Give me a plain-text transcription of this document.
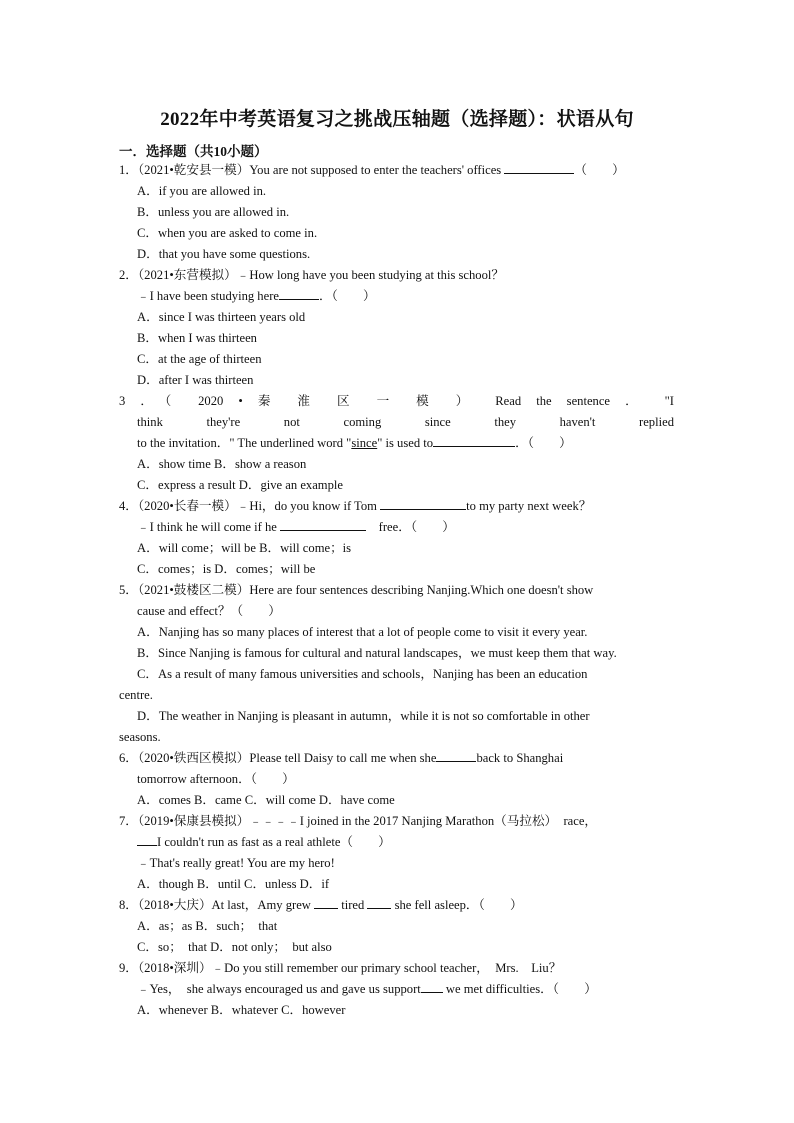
2022年中考英语复习之挑战压轴题（选择题）：状语从句
一．选择题（共10小题）
1．（2021•乾安县一模）You are not supposed to enter the teachers' offices	（　　）
A．if you are allowed in.
B．unless you are allowed in.
C．when you are asked to come in.
D．that you have some questions.
2．（2021•东营模拟）﹣How long have you been studying at this school？
﹣I have been studying here	．（　　）
A．since I was thirteen years old
B．when I was thirteen
C．at the age of thirteen
D．after I was thirteen
3 ．（ 2020 • 秦 淮 区 一 模 ） Read the sentence ． "I
think they're not coming since they haven't replied
to the invitation．" The underlined word "since" is used to	．（　　）
A．show time B．show a reason
C．express a result D．give an example
4．（2020•长春一模）﹣Hi，do you know if Tom	to my party next week？
﹣I think he will come if he	free．（　　）
A．will come；will be B．will come；is
C．comes；is D．comes；will be
5．（2021•鼓楼区二模）Here are four sentences describing Nanjing.Which one doesn't show
cause and effect？（　　）
A．Nanjing has so many places of interest that a lot of people come to visit it every year.
B．Since Nanjing is famous for cultural and natural landscapes，we must keep them that way.
C．As a result of many famous universities and schools，Nanjing has been an education
centre.
D．The weather in Nanjing is pleasant in autumn，while it is not so comfortable in other
seasons.
6．（2020•铁西区模拟）Please tell Daisy to call me when she	back to Shanghai
tomorrow afternoon．（　　）
A．comes B．came C．will come D．have come
7．（2019•保康县模拟）﹣﹣﹣﹣I joined in the 2017 Nanjing Marathon（马拉松）　race，
I couldn't run as fast as a real athlete（　　）
﹣That's really great! You are my hero!
A．though B．until C．unless D．if
8．（2018•大庆）At last，Amy grew  tired  she fell asleep．（　　）
A．as；as B．such；　that
C．so；　that D．not only；　but also
9．（2018•深圳）﹣Do you still remember our primary school teacher，　Mrs.　Liu？
﹣Yes，　she always encouraged us and gave us support we met difficulties．（　　）
A．whenever B．whatever C．however
